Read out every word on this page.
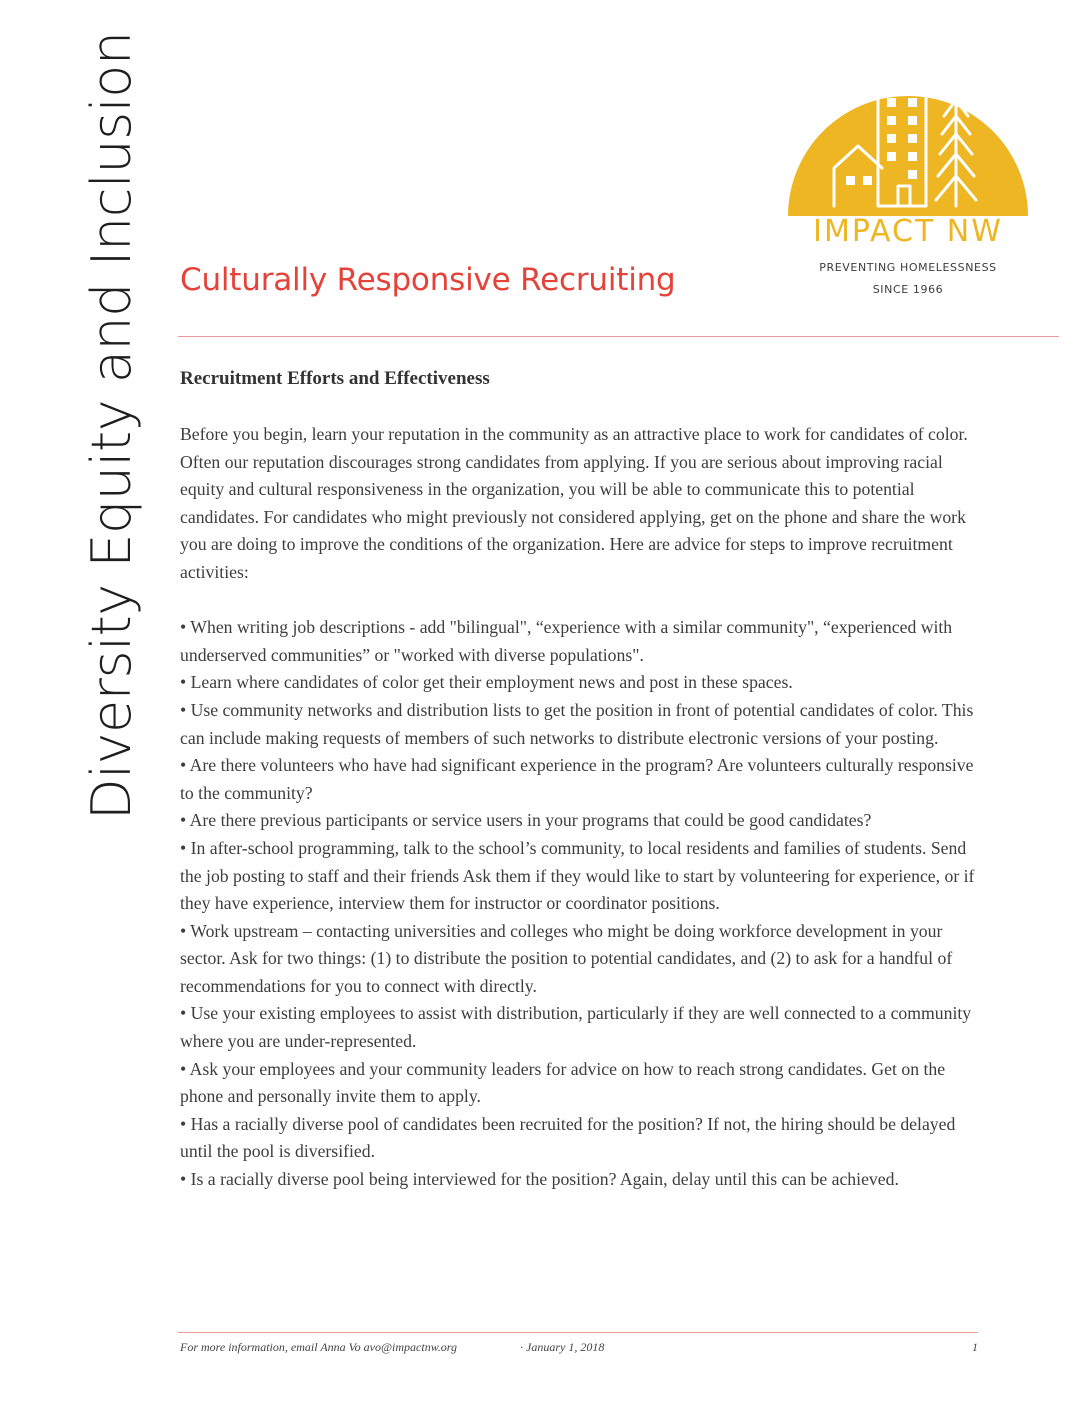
Diversity Equity and Inclusion	IMPACT NW
PREVENTING HOMELESSNESS
SINCE 1966
Culturally Responsive Recruiting
Recruitment Efforts and Effectiveness

Before you begin, learn your reputation in the community as an attractive place to work for candidates of color. Often our reputation discourages strong candidates from applying. If you are serious about improving racial equity and cultural responsiveness in the organization, you will be able to communicate this to potential candidates. For candidates who might previously not considered applying, get on the phone and share the work you are doing to improve the conditions of the organization. Here are advice for steps to improve recruitment activities:

• When writing job descriptions - add "bilingual", “experience with a similar community", “experienced with underserved communities” or "worked with diverse populations".

• Learn where candidates of color get their employment news and post in these spaces.

• Use community networks and distribution lists to get the position in front of potential candidates of color. This can include making requests of members of such networks to distribute electronic versions of your posting.

• Are there volunteers who have had significant experience in the program? Are volunteers culturally responsive to the community?

• Are there previous participants or service users in your programs that could be good candidates?

• In after-school programming, talk to the school’s community, to local residents and families of students. Send the job posting to staff and their friends Ask them if they would like to start by volunteering for experience, or if they have experience, interview them for instructor or coordinator positions.

• Work upstream – contacting universities and colleges who might be doing workforce development in your sector. Ask for two things: (1) to distribute the position to potential candidates, and (2) to ask for a handful of recommendations for you to connect with directly.

• Use your existing employees to assist with distribution, particularly if they are well connected to a community where you are under-represented.

• Ask your employees and your community leaders for advice on how to reach strong candidates. Get on the phone and personally invite them to apply.

• Has a racially diverse pool of candidates been recruited for the position? If not, the hiring should be delayed until the pool is diversified.

• Is a racially diverse pool being interviewed for the position? Again, delay until this can be achieved.

For more information, email Anna Vo avo@impactnw.org	· January 1, 2018	1
